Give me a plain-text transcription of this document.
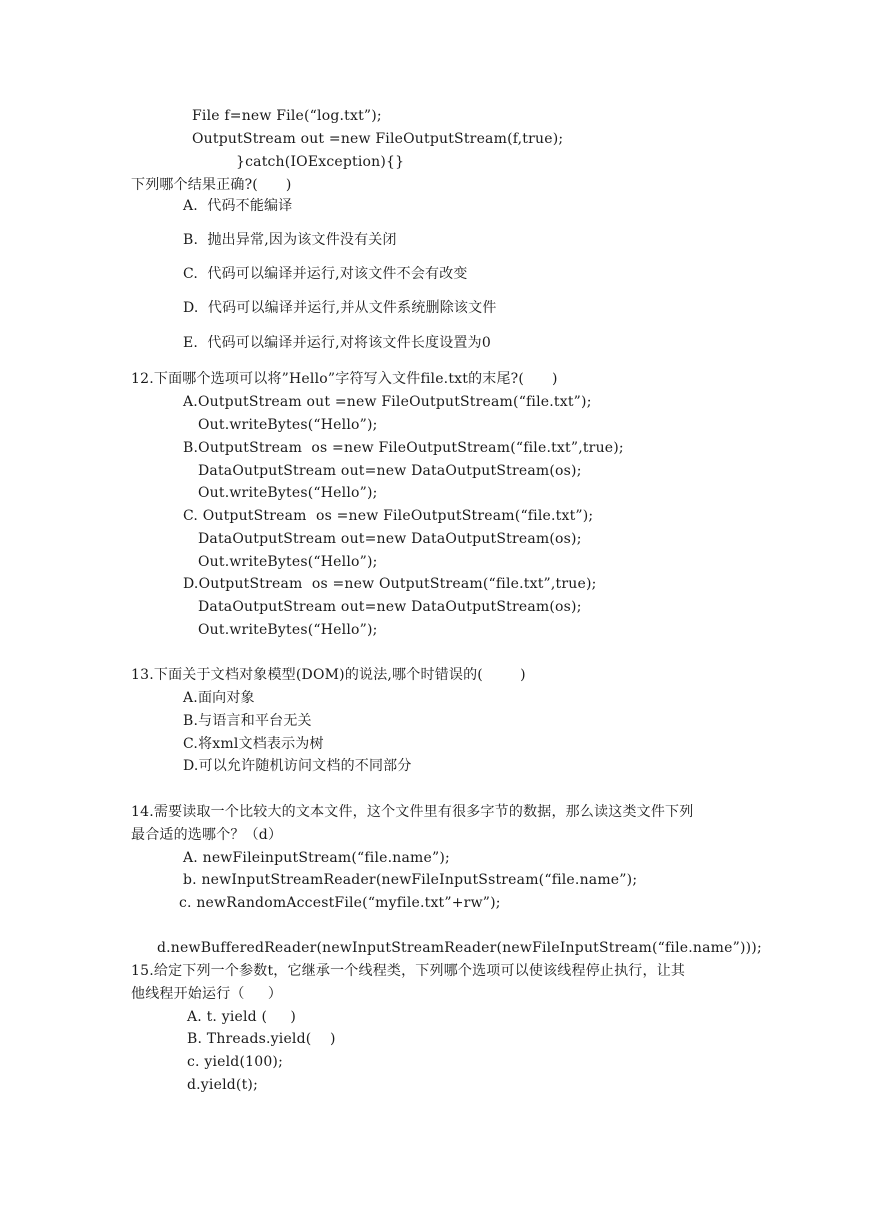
File f=new File(“log.txt”);
OutputStream out =new FileOutputStream(f,true);
}catch(IOException){}
下列哪个结果正确?(      )
A.  代码不能编译
B.  抛出异常,因为该文件没有关闭
C.  代码可以编译并运行,对该文件不会有改变
D.  代码可以编译并运行,并从文件系统删除该文件
E.  代码可以编译并运行,对将该文件长度设置为0
12.下面哪个选项可以将”Hello”字符写入文件file.txt的末尾?(      )
A.OutputStream out =new FileOutputStream(“file.txt”);
Out.writeBytes(“Hello”);
B.OutputStream  os =new FileOutputStream(“file.txt”,true);
DataOutputStream out=new DataOutputStream(os);
Out.writeBytes(“Hello”);
C. OutputStream  os =new FileOutputStream(“file.txt”);
DataOutputStream out=new DataOutputStream(os);
Out.writeBytes(“Hello”);
D.OutputStream  os =new OutputStream(“file.txt”,true);
DataOutputStream out=new DataOutputStream(os);
Out.writeBytes(“Hello”);
13.下面关于文档对象模型(DOM)的说法,哪个时错误的(        )
A.面向对象
B.与语言和平台无关
C.将xml文档表示为树
D.可以允许随机访问文档的不同部分
14.需要读取一个比较大的文本文件，这个文件里有很多字节的数据，那么读这类文件下列
最合适的选哪个？（d）
A. newFileinputStream(“file.name”);
b. newInputStreamReader(newFileInputSstream(“file.name”);
c. newRandomAccestFile(“myfile.txt”+rw”);
d.newBufferedReader(newInputStreamReader(newFileInputStream(“file.name”)));
15.给定下列一个参数t，它继承一个线程类，下列哪个选项可以使该线程停止执行，让其
他线程开始运行（     ）
A. t. yield (     )
B. Threads.yield(    )
c. yield(100);
d.yield(t);
